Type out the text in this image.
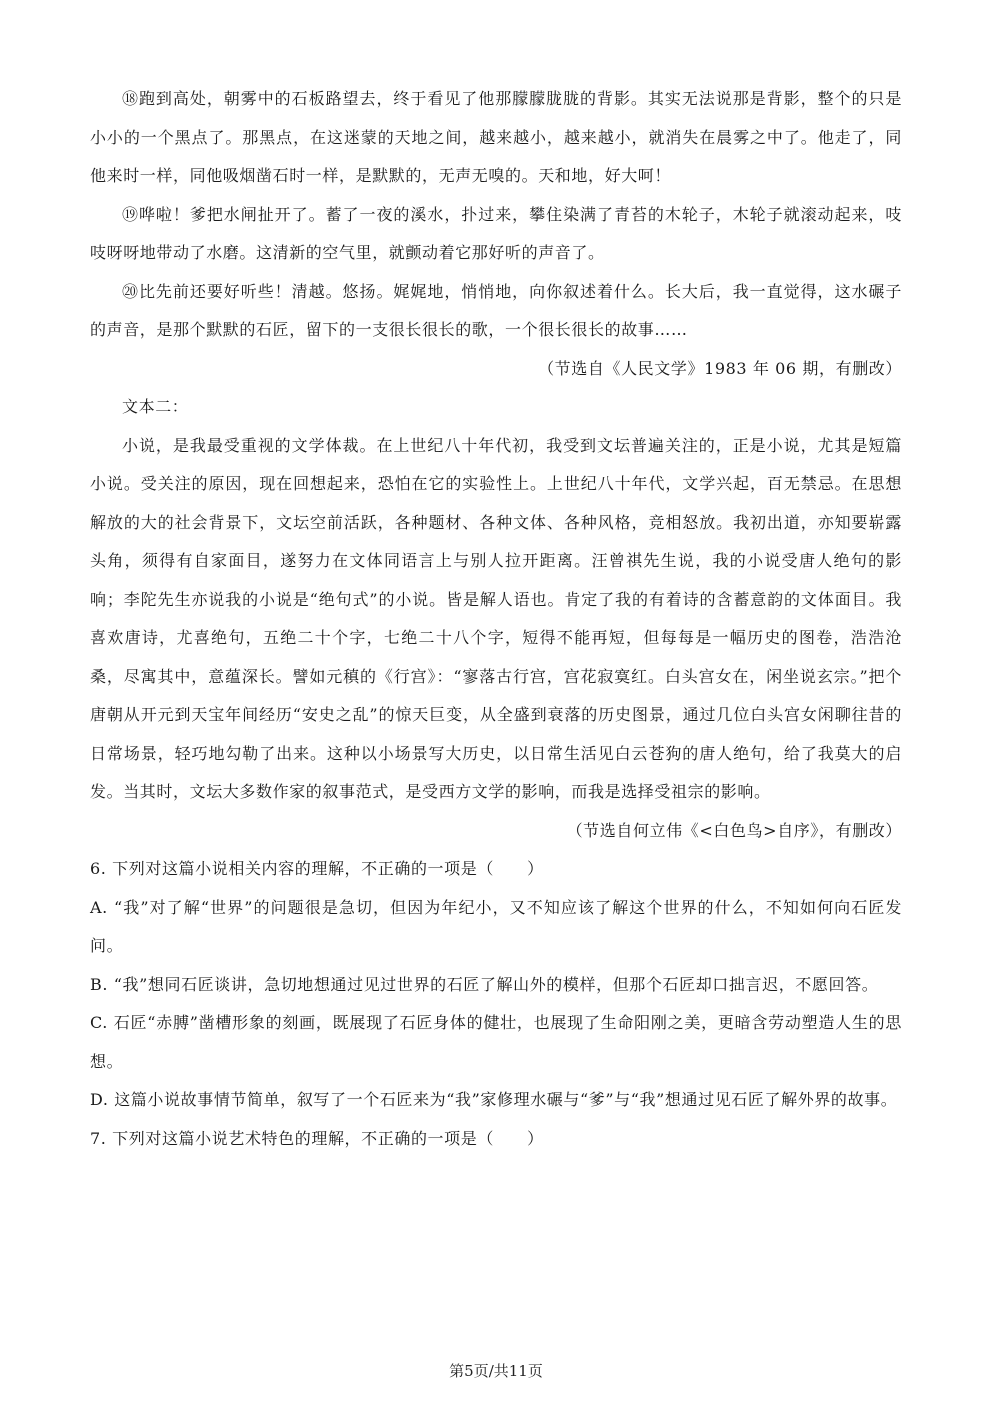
⑱跑到高处，朝雾中的石板路望去，终于看见了他那朦朦胧胧的背影。其实无法说那是背影，整个的只是小小的一个黑点了。那黑点，在这迷蒙的天地之间，越来越小，越来越小，就消失在晨雾之中了。他走了，同他来时一样，同他吸烟凿石时一样，是默默的，无声无嗅的。天和地，好大呵！

⑲哗啦！爹把水闸扯开了。蓄了一夜的溪水，扑过来，攀住染满了青苔的木轮子，木轮子就滚动起来，吱吱呀呀地带动了水磨。这清新的空气里，就颤动着它那好听的声音了。

⑳比先前还要好听些！清越。悠扬。娓娓地，悄悄地，向你叙述着什么。长大后，我一直觉得，这水碾子的声音，是那个默默的石匠，留下的一支很长很长的歌，一个很长很长的故事……

（节选自《人民文学》1983 年 06 期，有删改）

文本二：

小说，是我最受重视的文学体裁。在上世纪八十年代初，我受到文坛普遍关注的，正是小说，尤其是短篇小说。受关注的原因，现在回想起来，恐怕在它的实验性上。上世纪八十年代，文学兴起，百无禁忌。在思想解放的大的社会背景下，文坛空前活跃，各种题材、各种文体、各种风格，竞相怒放。我初出道，亦知要崭露头角，须得有自家面目，遂努力在文体同语言上与别人拉开距离。汪曾祺先生说，我的小说受唐人绝句的影响；李陀先生亦说我的小说是“绝句式”的小说。皆是解人语也。肯定了我的有着诗的含蓄意韵的文体面目。我喜欢唐诗，尤喜绝句，五绝二十个字，七绝二十八个字，短得不能再短，但每每是一幅历史的图卷，浩浩沧桑，尽寓其中，意蕴深长。譬如元稹的《行宫》：“寥落古行宫，宫花寂寞红。白头宫女在，闲坐说玄宗。”把个唐朝从开元到天宝年间经历“安史之乱”的惊天巨变，从全盛到衰落的历史图景，通过几位白头宫女闲聊往昔的日常场景，轻巧地勾勒了出来。这种以小场景写大历史，以日常生活见白云苍狗的唐人绝句，给了我莫大的启发。当其时，文坛大多数作家的叙事范式，是受西方文学的影响，而我是选择受祖宗的影响。

（节选自何立伟《<白色鸟>自序》，有删改）

6. 下列对这篇小说相关内容的理解，不正确的一项是（　　）

A. “我”对了解“世界”的问题很是急切，但因为年纪小，又不知应该了解这个世界的什么，不知如何向石匠发问。

B. “我”想同石匠谈讲，急切地想通过见过世界的石匠了解山外的模样，但那个石匠却口拙言迟，不愿回答。

C. 石匠“赤膊”凿槽形象的刻画，既展现了石匠身体的健壮，也展现了生命阳刚之美，更暗含劳动塑造人生的思想。

D. 这篇小说故事情节简单，叙写了一个石匠来为“我”家修理水碾与“爹”与“我”想通过见石匠了解外界的故事。

7. 下列对这篇小说艺术特色的理解，不正确的一项是（　　）

第5页/共11页
